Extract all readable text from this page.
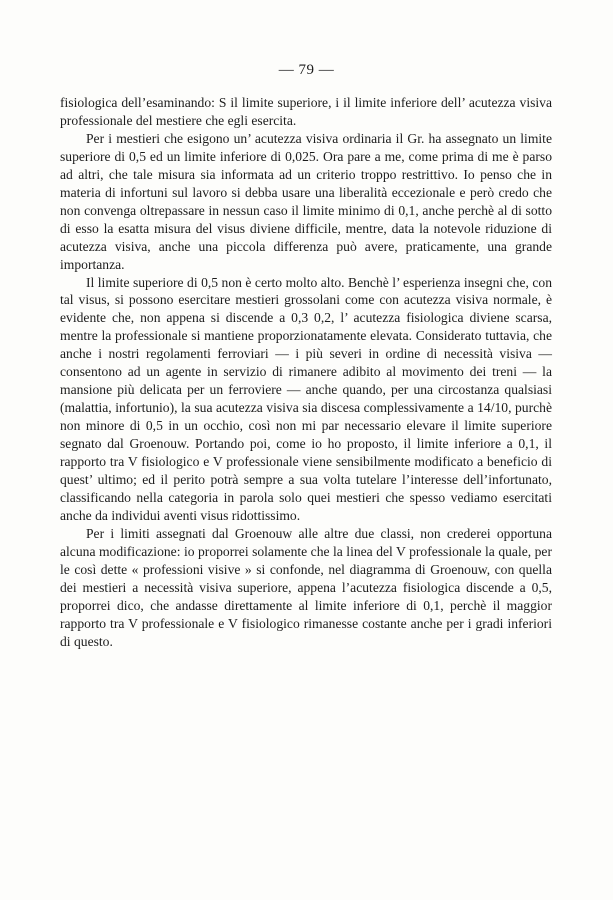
— 79 —

fisiologica dell’esaminando: S il limite superiore, i il limite inferiore dell’ acutezza visiva professionale del mestiere che egli esercita.

Per i mestieri che esigono un’ acutezza visiva ordinaria il Gr. ha assegnato un limite superiore di 0,5 ed un limite inferiore di 0,025. Ora pare a me, come prima di me è parso ad altri, che tale misura sia informata ad un criterio troppo restrittivo. Io penso che in materia di infortuni sul lavoro si debba usare una liberalità eccezionale e però credo che non convenga oltrepassare in nessun caso il limite minimo di 0,1, anche perchè al di sotto di esso la esatta misura del visus diviene difficile, mentre, data la notevole riduzione di acutezza visiva, anche una piccola differenza può avere, praticamente, una grande importanza.

Il limite superiore di 0,5 non è certo molto alto. Benchè l’ esperienza insegni che, con tal visus, si possono esercitare mestieri grossolani come con acutezza visiva normale, è evidente che, non appena si discende a 0,3 0,2, l’ acutezza fisiologica diviene scarsa, mentre la professionale si mantiene proporzionatamente elevata. Considerato tuttavia, che anche i nostri regolamenti ferroviari — i più severi in ordine di necessità visiva — consentono ad un agente in servizio di rimanere adibito al movimento dei treni — la mansione più delicata per un ferroviere — anche quando, per una circostanza qualsiasi (malattia, infortunio), la sua acutezza visiva sia discesa complessivamente a 14/10, purchè non minore di 0,5 in un occhio, così non mi par necessario elevare il limite superiore segnato dal Groenouw. Portando poi, come io ho proposto, il limite inferiore a 0,1, il rapporto tra V fisiologico e V professionale viene sensibilmente modificato a beneficio di quest’ ultimo; ed il perito potrà sempre a sua volta tutelare l’interesse dell’infortunato, classificando nella categoria in parola solo quei mestieri che spesso vediamo esercitati anche da individui aventi visus ridottissimo.

Per i limiti assegnati dal Groenouw alle altre due classi, non crederei opportuna alcuna modificazione: io proporrei solamente che la linea del V professionale la quale, per le così dette « professioni visive » si confonde, nel diagramma di Groenouw, con quella dei mestieri a necessità visiva superiore, appena l’acutezza fisiologica discende a 0,5, proporrei dico, che andasse direttamente al limite inferiore di 0,1, perchè il maggior rapporto tra V professionale e V fisiologico rimanesse costante anche per i gradi inferiori di questo.
